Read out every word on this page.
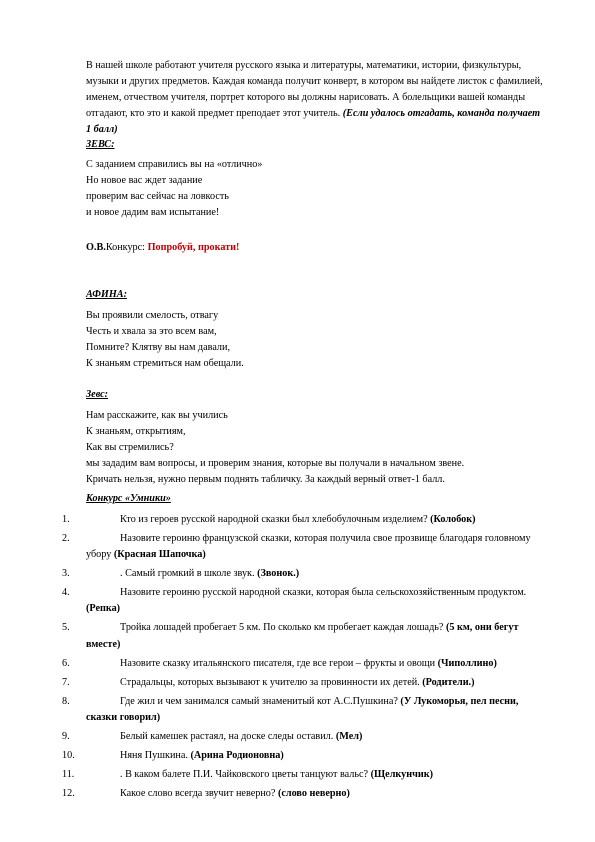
В нашей школе работают учителя русского языка и литературы, математики, истории, физкультуры, музыки и других предметов. Каждая команда получит конверт, в котором вы найдете листок с фамилией, именем, отчеством учителя, портрет которого вы должны нарисовать. А болельщики вашей команды отгадают, кто это и какой предмет преподает этот учитель. (Если удалось отгадать, команда получает 1 балл)

ЗЕВС:

С заданием справились вы на «отлично»

Но новое вас ждет задание

проверим вас сейчас на ловкость

и новое дадим вам испытание!

О.В.Конкурс: Попробуй, прокати!

АФИНА:

Вы проявили смелость, отвагу

Честь и хвала за это всем вам,

Помните? Клятву вы нам давали,

К знаньям стремиться нам обещали.

Зевс:

Нам расскажите, как вы учились

К знаньям, открытиям,

Как вы стремились?

мы зададим вам вопросы, и проверим знания, которые вы получали в начальном звене.

Кричать нельзя, нужно первым поднять табличку. За каждый верный ответ-1 балл.

Конкурс «Умники»

1.	Кто из героев русской народной сказки был хлебобулочным изделием? (Колобок)
2.	Назовите героиню французской сказки, которая получила свое прозвище благодаря головному убору (Красная Шапочка)
3.	. Самый громкий в школе звук. (Звонок.)
4.	Назовите героиню русской народной сказки, которая была сельскохозяйственным продуктом. (Репка)
5.	Тройка лошадей пробегает 5 км. По сколько км пробегает каждая лошадь? (5 км, они бегут вместе)
6.	Назовите сказку итальянского писателя, где все герои – фрукты и овощи (Чиполлино)
7.	Страдальцы, которых вызывают к учителю за провинности их детей. (Родители.)
8.	Где жил и чем занимался самый знаменитый кот А.С.Пушкина? (У Лукоморья, пел песни, сказки говорил)
9.	Белый камешек растаял, на доске следы оставил. (Мел)
10.	Няня Пушкина. (Арина Родионовна)
11.	. В каком балете П.И. Чайковского цветы танцуют вальс? (Щелкунчик)
12.	Какое слово всегда звучит неверно? (слово неверно)
